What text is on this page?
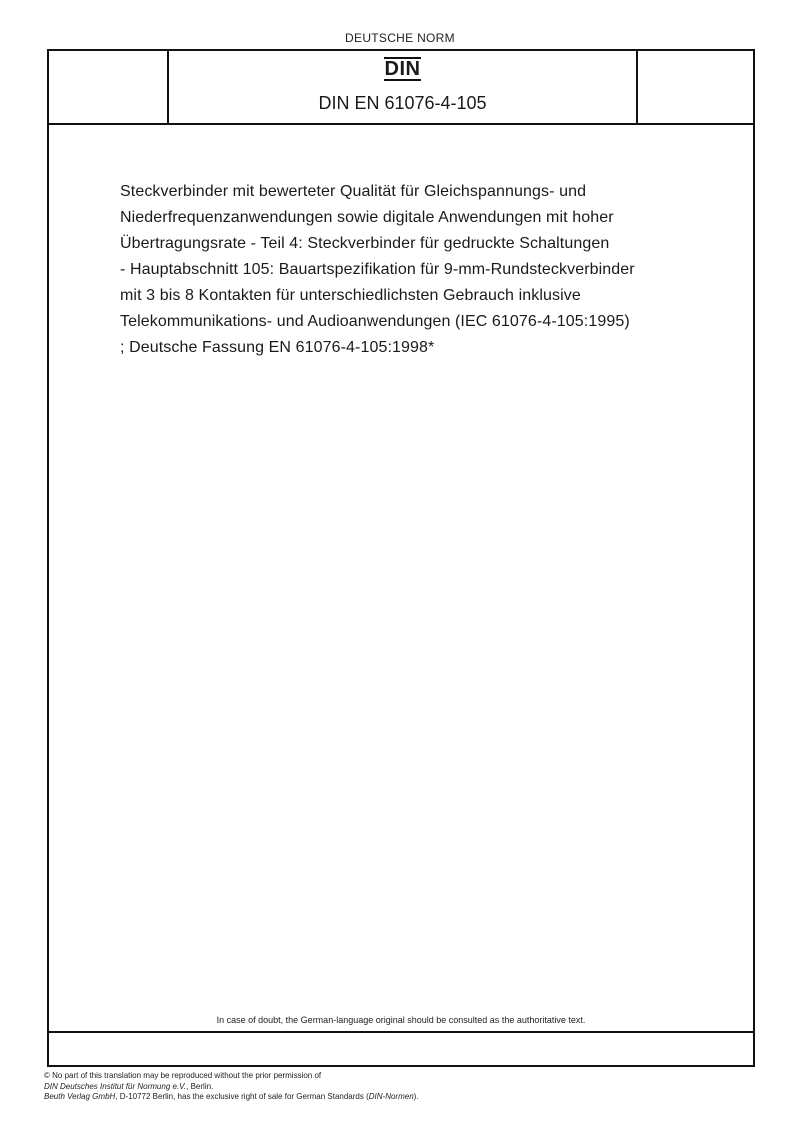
DEUTSCHE NORM
DIN
DIN EN 61076-4-105
Steckverbinder mit bewerteter Qualität für Gleichspannungs- und
Niederfrequenzanwendungen sowie digitale Anwendungen mit hoher
Übertragungsrate - Teil 4: Steckverbinder für gedruckte Schaltungen
- Hauptabschnitt 105: Bauartspezifikation für 9-mm-Rundsteckverbinder
mit 3 bis 8 Kontakten für unterschiedlichsten Gebrauch inklusive
Telekommunikations- und Audioanwendungen (IEC 61076-4-105:1995)
; Deutsche Fassung EN 61076-4-105:1998*
In case of doubt, the German-language original should be consulted as the authoritative text.
© No part of this translation may be reproduced without the prior permission of
DIN Deutsches Institut für Normung e.V., Berlin.
Beuth Verlag GmbH, D-10772 Berlin, has the exclusive right of sale for German Standards (DIN-Normen).
